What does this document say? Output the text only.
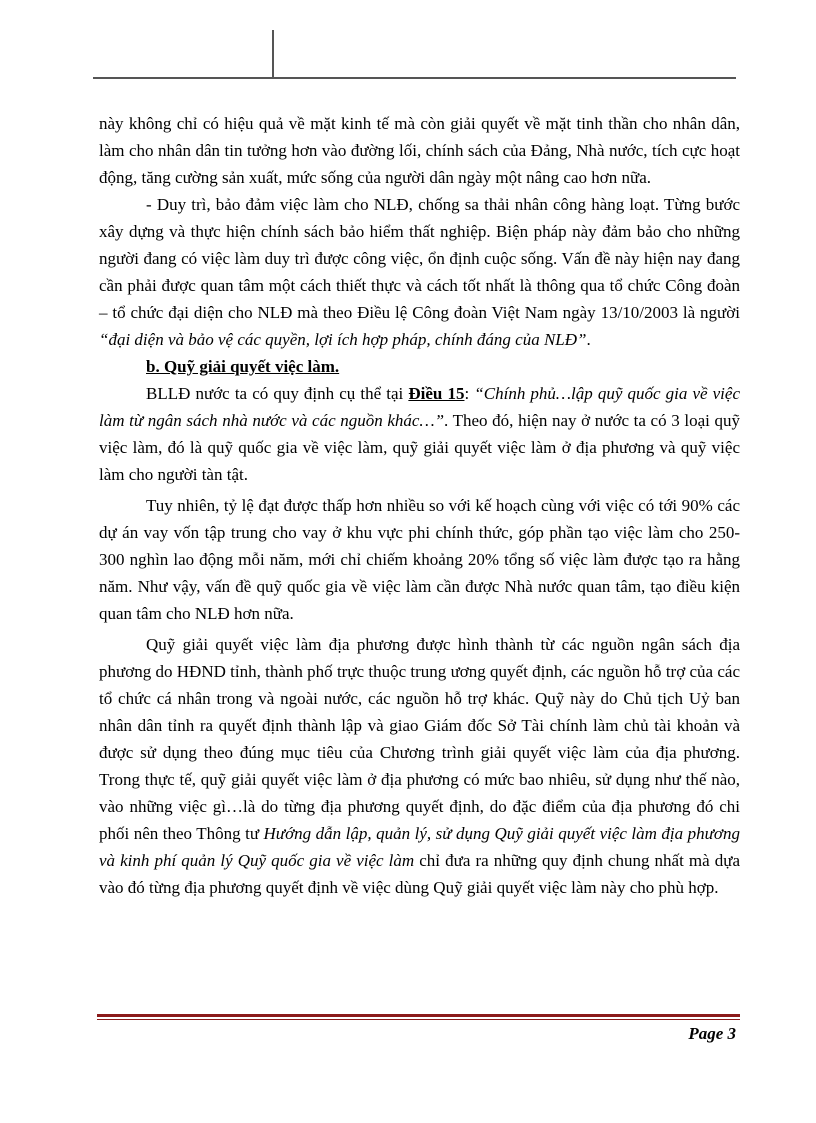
này không chỉ có hiệu quả về mặt kinh tế mà còn giải quyết về mặt tinh thần cho nhân dân, làm cho nhân dân tin tưởng hơn vào đường lối, chính sách của Đảng, Nhà nước, tích cực hoạt động, tăng cường sản xuất, mức sống của người dân ngày một nâng cao hơn nữa.

- Duy trì, bảo đảm việc làm cho NLĐ, chống sa thải nhân công hàng loạt. Từng bước xây dựng và thực hiện chính sách bảo hiểm thất nghiệp. Biện pháp này đảm bảo cho những người đang có việc làm duy trì được công việc, ổn định cuộc sống. Vấn đề này hiện nay đang cần phải được quan tâm một cách thiết thực và cách tốt nhất là thông qua tổ chức Công đoàn – tổ chức đại diện cho NLĐ mà theo Điều lệ Công đoàn Việt Nam ngày 13/10/2003 là người “đại diện và bảo vệ các quyền, lợi ích hợp pháp, chính đáng của NLĐ”.

b. Quỹ giải quyết việc làm.

BLLĐ nước ta có quy định cụ thể tại Điều 15: “Chính phủ…lập quỹ quốc gia về việc làm từ ngân sách nhà nước và các nguồn khác…”. Theo đó, hiện nay ở nước ta có 3 loại quỹ việc làm, đó là quỹ quốc gia về việc làm, quỹ giải quyết việc làm ở địa phương và quỹ việc làm cho người tàn tật.

Tuy nhiên, tỷ lệ đạt được thấp hơn nhiều so với kế hoạch cùng với việc có tới 90% các dự án vay vốn tập trung cho vay ở khu vực phi chính thức, góp phần tạo việc làm cho 250-300 nghìn lao động mỗi năm, mới chỉ chiếm khoảng 20% tổng số việc làm được tạo ra hằng năm. Như vậy, vấn đề quỹ quốc gia về việc làm cần được Nhà nước quan tâm, tạo điều kiện quan tâm cho NLĐ hơn nữa.

Quỹ giải quyết việc làm địa phương được hình thành từ các nguồn ngân sách địa phương do HĐND tỉnh, thành phố trực thuộc trung ương quyết định, các nguồn hỗ trợ của các tổ chức cá nhân trong và ngoài nước, các nguồn hỗ trợ khác. Quỹ này do Chủ tịch Uỷ ban nhân dân tỉnh ra quyết định thành lập và giao Giám đốc Sở Tài chính làm chủ tài khoản và được sử dụng theo đúng mục tiêu của Chương trình giải quyết việc làm của địa phương. Trong thực tế, quỹ giải quyết việc làm ở địa phương có mức bao nhiêu, sử dụng như thế nào, vào những việc gì…là do từng địa phương quyết định, do đặc điểm của địa phương đó chi phối nên theo Thông tư Hướng dẫn lập, quản lý, sử dụng Quỹ giải quyết việc làm địa phương và kinh phí quản lý Quỹ quốc gia về việc làm chỉ đưa ra những quy định chung nhất mà dựa vào đó từng địa phương quyết định về việc dùng Quỹ giải quyết việc làm này cho phù hợp.

Page 3
